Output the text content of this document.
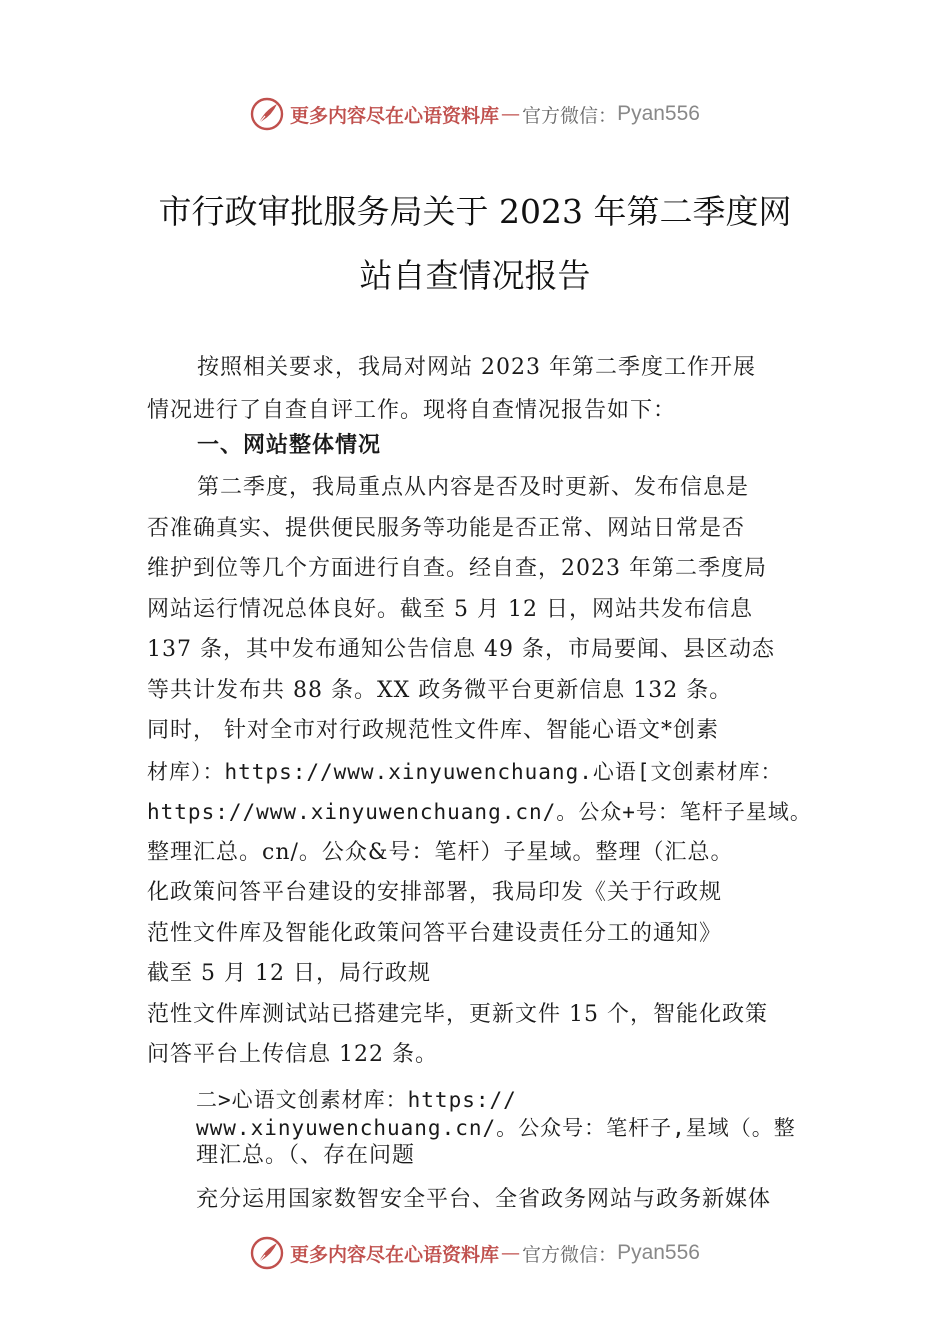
更多内容尽在心语资料库 — 官方微信： Pyan556
市行政审批服务局关于 2023 年第二季度网
站自查情况报告
按照相关要求，我局对网站 2023 年第二季度工作开展
情况进行了自查自评工作。现将自查情况报告如下：
一、网站整体情况
第二季度，我局重点从内容是否及时更新、发布信息是
否准确真实、提供便民服务等功能是否正常、网站日常是否
维护到位等几个方面进行自查。经自查，2023 年第二季度局
网站运行情况总体良好。截至 5 月 12 日，网站共发布信息
137 条，其中发布通知公告信息 49 条，市局要闻、县区动态
等共计发布共 88 条。XX 政务微平台更新信息 132 条。
同时， 针对全市对行政规范性文件库、智能心语文*创素
材库）：https://www.xinyuwenchuang.心语[文创素材库：
https://www.xinyuwenchuang.cn/。公众+号：笔杆子星域。
整理汇总。cn/。公众&号：笔杆）子星域。整理（汇总。
化政策问答平台建设的安排部署，我局印发《关于行政规
范性文件库及智能化政策问答平台建设责任分工的通知》
截至 5 月 12 日，局行政规
范性文件库测试站已搭建完毕，更新文件 15 个，智能化政策
问答平台上传信息 122 条。
二>心语文创素材库：https://
www.xinyuwenchuang.cn/。公众号：笔杆子,星域（。整
理汇总。（、存在问题
充分运用国家数智安全平台、全省政务网站与政务新媒体
更多内容尽在心语资料库 — 官方微信： Pyan556
